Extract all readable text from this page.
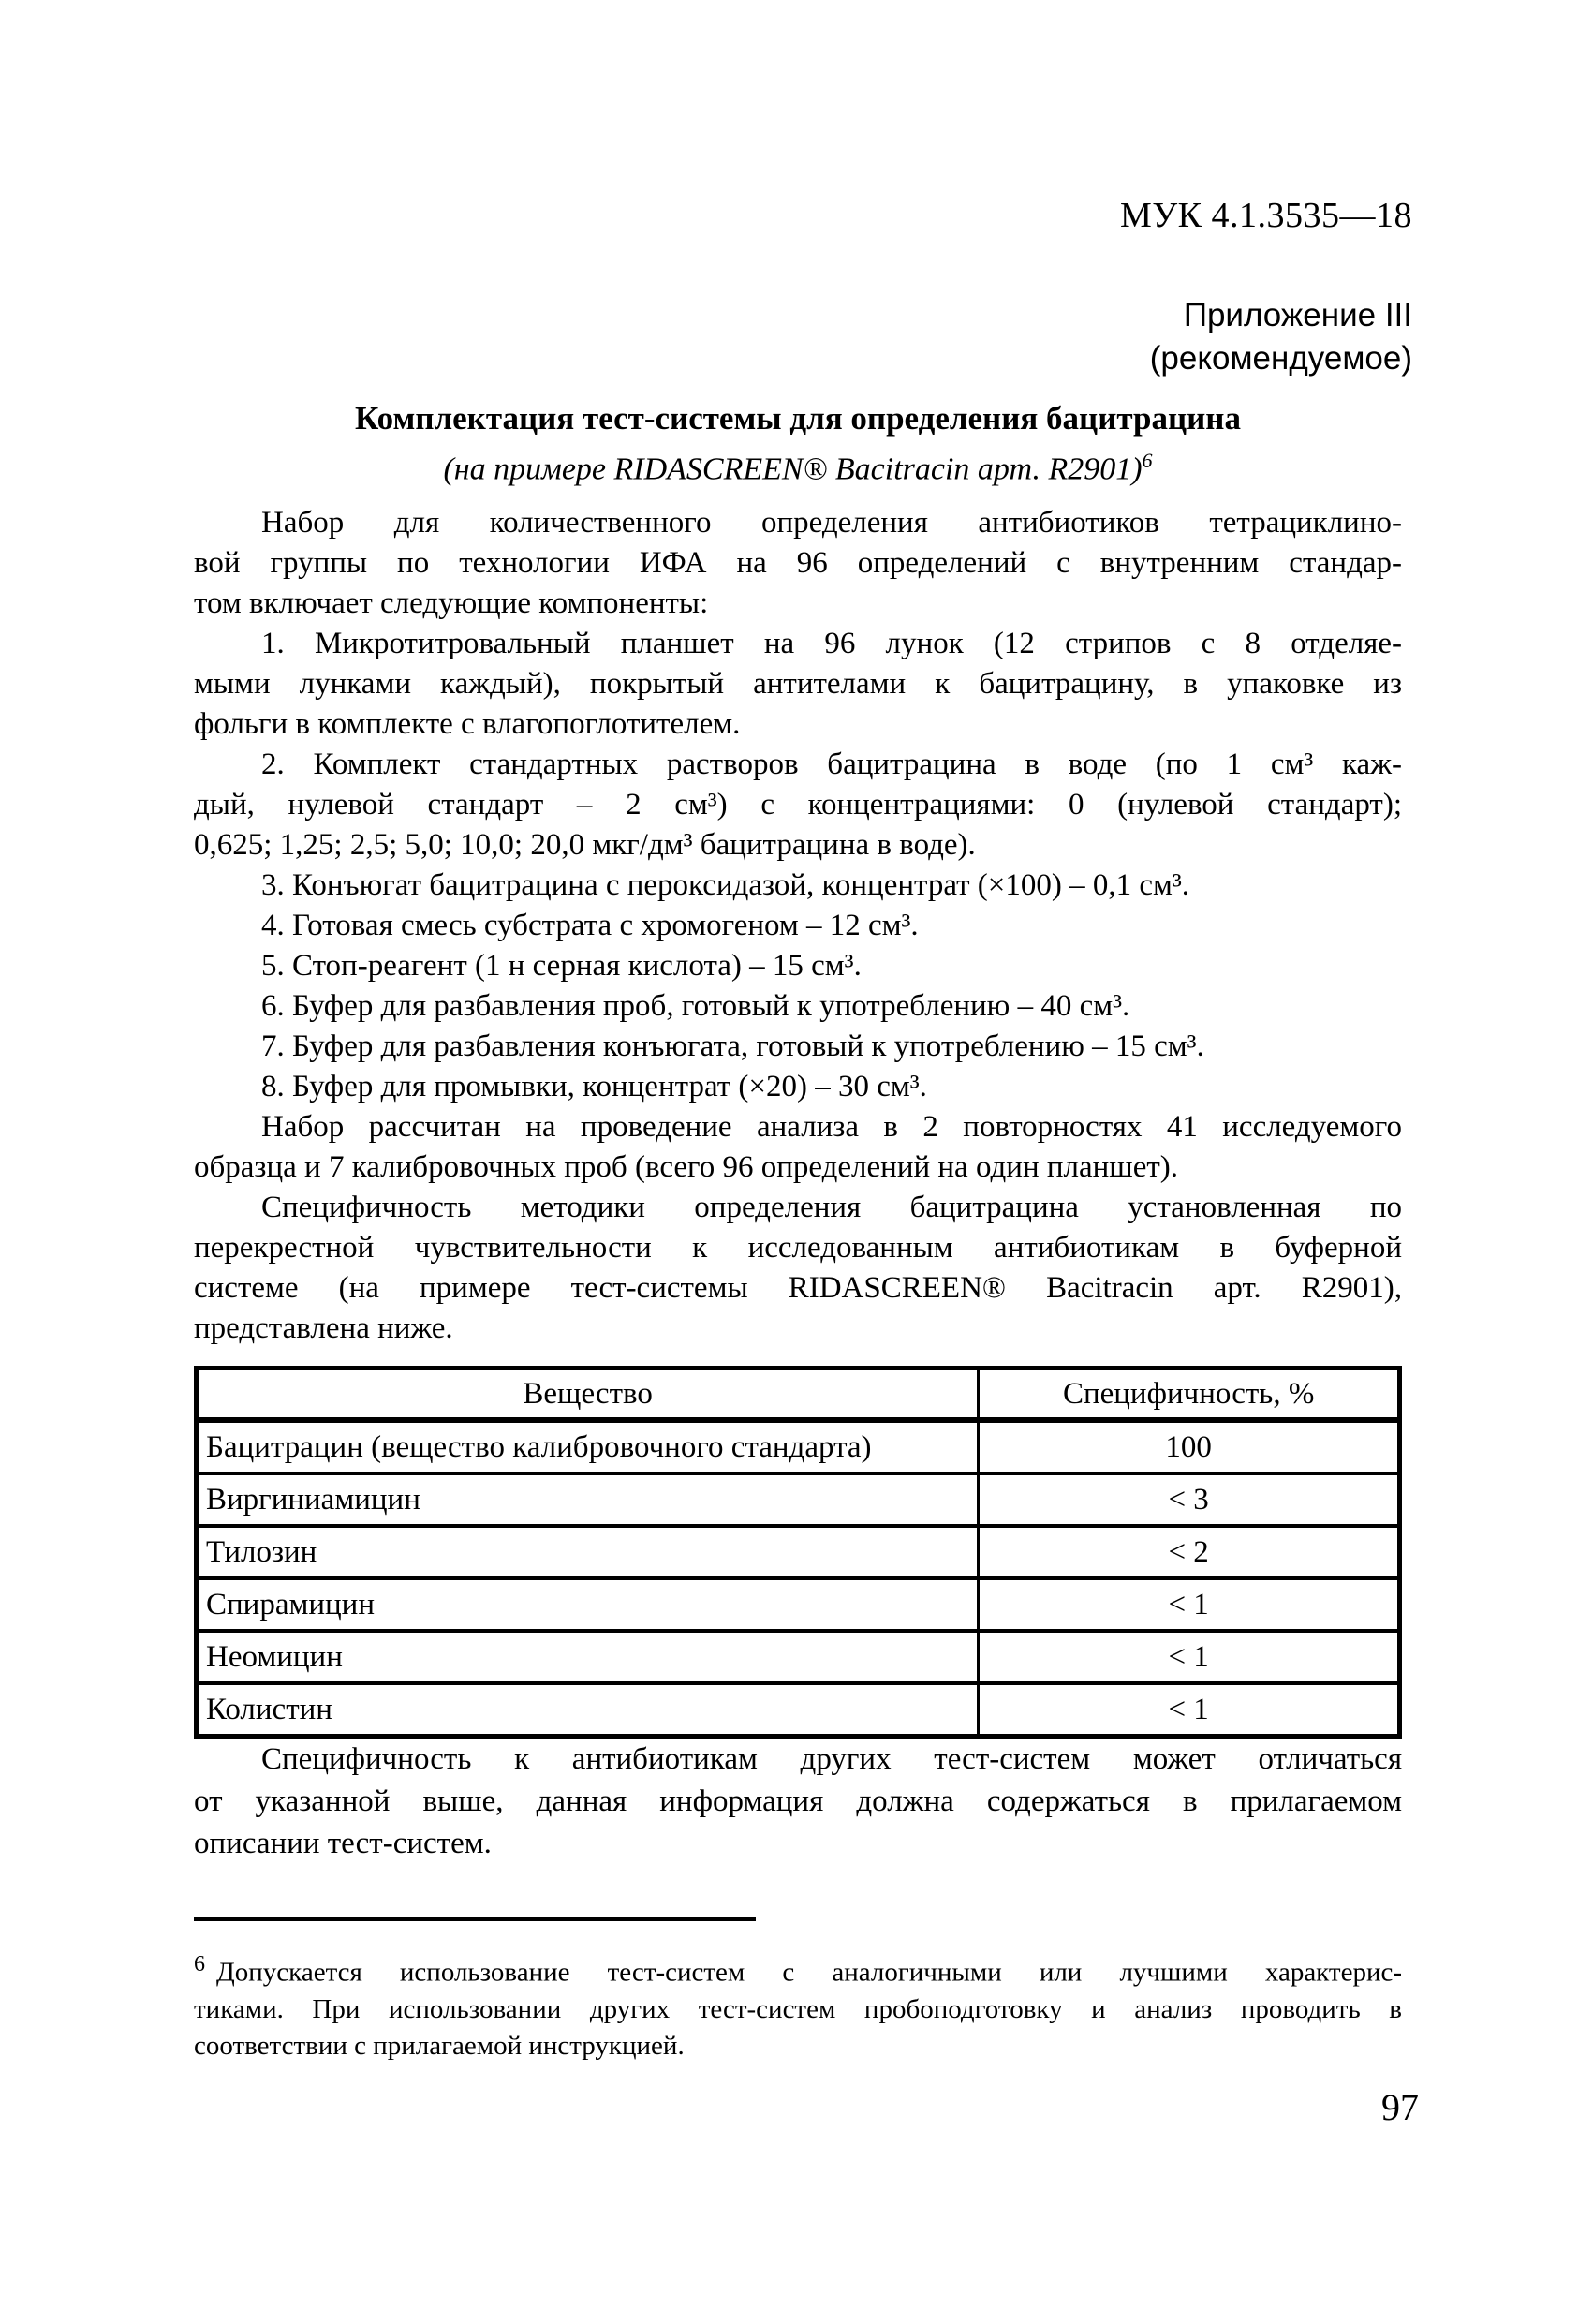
МУК 4.1.3535—18
Приложение III
(рекомендуемое)
Комплектация тест-системы для определения бацитрацина
(на примере RIDASCREEN® Bacitracin арт. R2901)$^6$
Набор для количественного определения антибиотиков тетрациклино-
вой группы по технологии ИФА на 96 определений с внутренним стандар-
том включает следующие компоненты:
1. Микротитровальный планшет на 96 лунок (12 стрипов с 8 отделяе-
мыми лунками каждый), покрытый антителами к бацитрацину, в упаковке из
фольги в комплекте с влагопоглотителем.
2. Комплект стандартных растворов бацитрацина в воде (по 1 см³ каж-
дый, нулевой стандарт – 2 см³) с концентрациями: 0 (нулевой стандарт);
0,625; 1,25; 2,5; 5,0; 10,0; 20,0 мкг/дм³ бацитрацина в воде).
3. Конъюгат бацитрацина с пероксидазой, концентрат (×100) – 0,1 см³.
4. Готовая смесь субстрата с хромогеном – 12 см³.
5. Стоп-реагент (1 н серная кислота) – 15 см³.
6. Буфер для разбавления проб, готовый к употреблению – 40 см³.
7. Буфер для разбавления конъюгата, готовый к употреблению – 15 см³.
8. Буфер для промывки, концентрат (×20) – 30 см³.
Набор рассчитан на проведение анализа в 2 повторностях 41 исследуемого
образца и 7 калибровочных проб (всего 96 определений на один планшет).
Специфичность методики определения бацитрацина установленная по
перекрестной чувствительности к исследованным антибиотикам в буферной
системе (на примере тест-системы RIDASCREEN® Bacitracin арт. R2901),
представлена ниже.
Вещество	Специфичность, %
Бацитрацин (вещество калибровочного стандарта)	100
Виргиниамицин	< 3
Тилозин	< 2
Спирамицин	< 1
Неомицин	< 1
Колистин	< 1
Специфичность к антибиотикам других тест-систем может отличаться
от указанной выше, данная информация должна содержаться в прилагаемом
описании тест-систем.
$^6$ Допускается использование тест-систем с аналогичными или лучшими характерис-
тиками. При использовании других тест-систем пробоподготовку и анализ проводить в
соответствии с прилагаемой инструкцией.
97
